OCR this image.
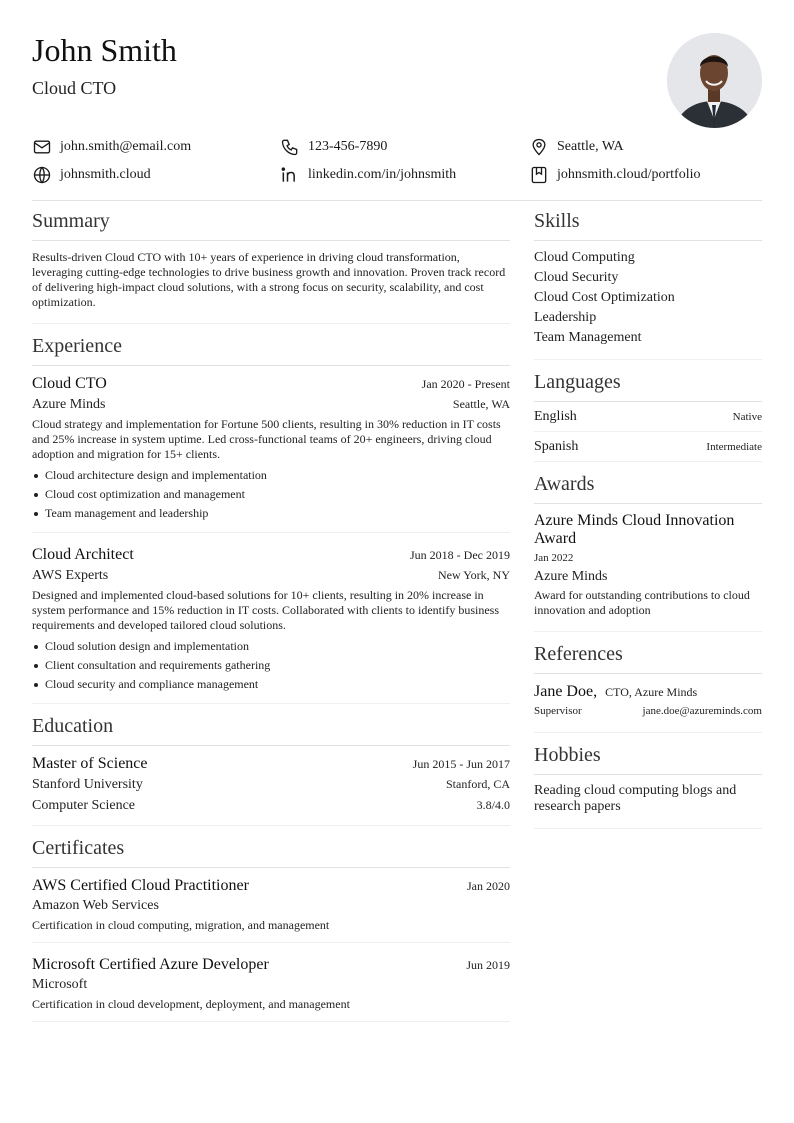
John Smith
Cloud CTO
john.smith@email.com	123-456-7890	Seattle, WA
johnsmith.cloud	linkedin.com/in/johnsmith	johnsmith.cloud/portfolio
Summary

Results-driven Cloud CTO with 10+ years of experience in driving cloud transformation, leveraging cutting-edge technologies to drive business growth and innovation. Proven track record of delivering high-impact cloud solutions, with a strong focus on security, scalability, and cost optimization.

Experience
Cloud CTO	Jan 2020 - Present
Azure Minds	Seattle, WA

Cloud strategy and implementation for Fortune 500 clients, resulting in 30% reduction in IT costs and 25% increase in system uptime. Led cross-functional teams of 20+ engineers, driving cloud adoption and migration for 15+ clients.

Cloud architecture design and implementation
Cloud cost optimization and management
Team management and leadership
Cloud Architect	Jun 2018 - Dec 2019
AWS Experts	New York, NY

Designed and implemented cloud-based solutions for 10+ clients, resulting in 20% increase in system performance and 15% reduction in IT costs. Collaborated with clients to identify business requirements and developed tailored cloud solutions.

Cloud solution design and implementation
Client consultation and requirements gathering
Cloud security and compliance management
Education
Master of Science	Jun 2015 - Jun 2017
Stanford University	Stanford, CA
Computer Science	3.8/4.0
Certificates
AWS Certified Cloud Practitioner	Jan 2020
Amazon Web Services

Certification in cloud computing, migration, and management

Microsoft Certified Azure Developer	Jun 2019
Microsoft

Certification in cloud development, deployment, and management

Skills
Cloud Computing
Cloud Security
Cloud Cost Optimization
Leadership
Team Management
Languages
English	Native
Spanish	Intermediate
Awards
Azure Minds Cloud Innovation Award
Jan 2022
Azure Minds

Award for outstanding contributions to cloud innovation and adoption

References
Jane Doe, CTO, Azure Minds
Supervisor	jane.doe@azureminds.com
Hobbies

Reading cloud computing blogs and research papers
